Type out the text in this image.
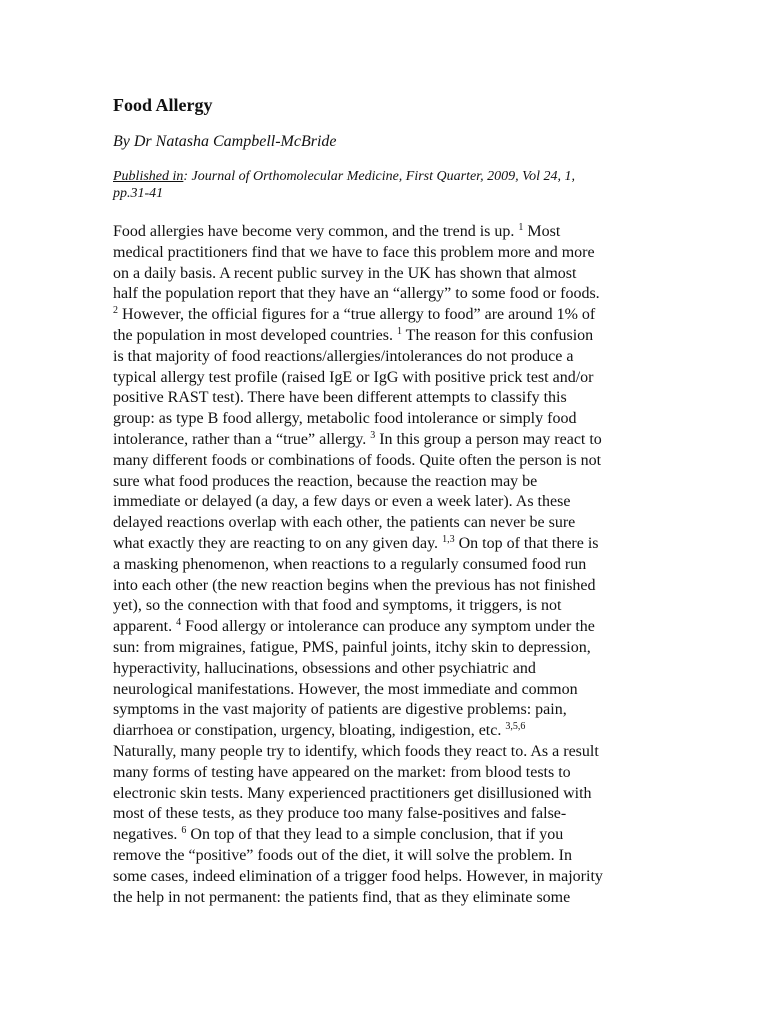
Food Allergy

By Dr Natasha Campbell-McBride

Published in: Journal of Orthomolecular Medicine, First Quarter, 2009, Vol 24, 1,
pp.31-41

Food allergies have become very common, and the trend is up. $^1$ Most
medical practitioners find that we have to face this problem more and more
on a daily basis. A recent public survey in the UK has shown that almost
half the population report that they have an “allergy” to some food or foods.
$^2$ However, the official figures for a “true allergy to food” are around 1% of
the population in most developed countries. $^1$ The reason for this confusion
is that majority of food reactions/allergies/intolerances do not produce a
typical allergy test profile (raised IgE or IgG with positive prick test and/or
positive RAST test). There have been different attempts to classify this
group: as type B food allergy, metabolic food intolerance or simply food
intolerance, rather than a “true” allergy. $^3$ In this group a person may react to
many different foods or combinations of foods. Quite often the person is not
sure what food produces the reaction, because the reaction may be
immediate or delayed (a day, a few days or even a week later). As these
delayed reactions overlap with each other, the patients can never be sure
what exactly they are reacting to on any given day. $^{1,3}$ On top of that there is
a masking phenomenon, when reactions to a regularly consumed food run
into each other (the new reaction begins when the previous has not finished
yet), so the connection with that food and symptoms, it triggers, is not
apparent. $^4$ Food allergy or intolerance can produce any symptom under the
sun: from migraines, fatigue, PMS, painful joints, itchy skin to depression,
hyperactivity, hallucinations, obsessions and other psychiatric and
neurological manifestations. However, the most immediate and common
symptoms in the vast majority of patients are digestive problems: pain,
diarrhoea or constipation, urgency, bloating, indigestion, etc. $^{3,5,6}$
Naturally, many people try to identify, which foods they react to. As a result
many forms of testing have appeared on the market: from blood tests to
electronic skin tests. Many experienced practitioners get disillusioned with
most of these tests, as they produce too many false-positives and false-
negatives. $^6$ On top of that they lead to a simple conclusion, that if you
remove the “positive” foods out of the diet, it will solve the problem. In
some cases, indeed elimination of a trigger food helps. However, in majority
the help in not permanent: the patients find, that as they eliminate some
